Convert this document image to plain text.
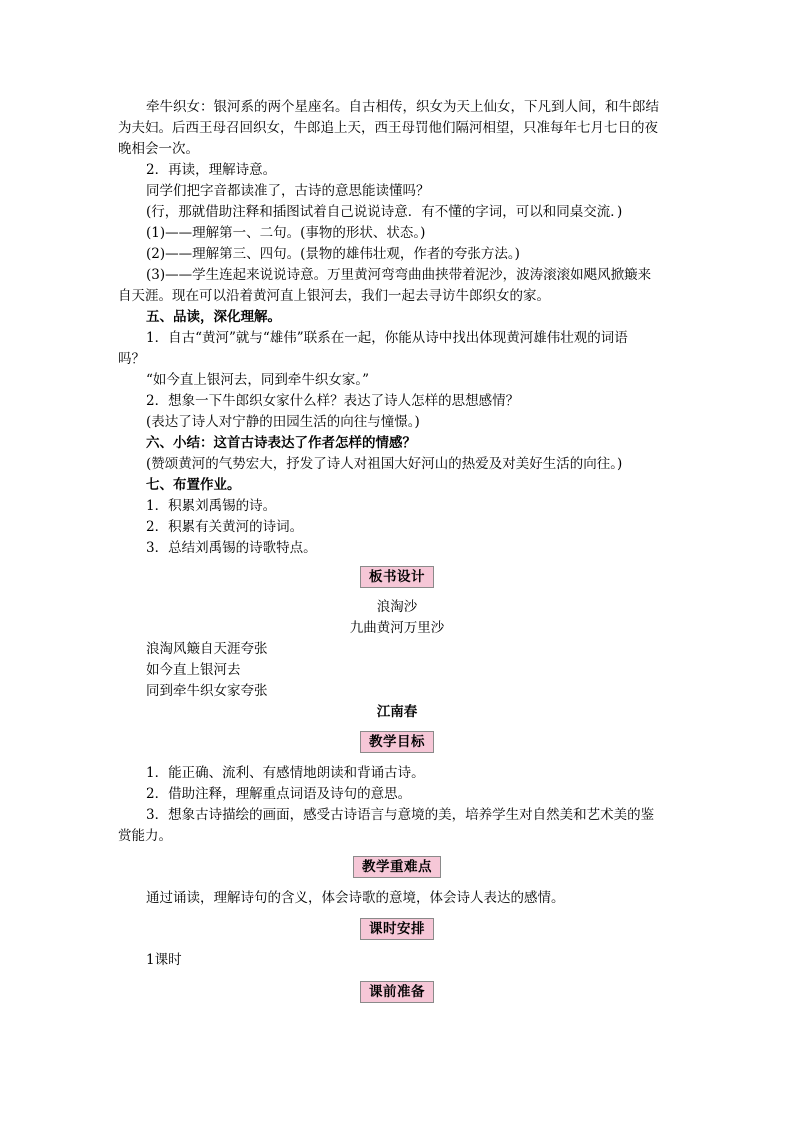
牵牛织女：银河系的两个星座名。自古相传，织女为天上仙女，下凡到人间，和牛郎结
为夫妇。后西王母召回织女，牛郎追上天，西王母罚他们隔河相望，只准每年七月七日的夜
晚相会一次。
2．再读，理解诗意。
同学们把字音都读准了，古诗的意思能读懂吗？
(行，那就借助注释和插图试着自己说说诗意．有不懂的字词，可以和同桌交流．)
(1)——理解第一、二句。(事物的形状、状态。)
(2)——理解第三、四句。(景物的雄伟壮观，作者的夸张方法。)
(3)——学生连起来说说诗意。万里黄河弯弯曲曲挟带着泥沙，波涛滚滚如飓风掀簸来
自天涯。现在可以沿着黄河直上银河去，我们一起去寻访牛郎织女的家。
五、品读，深化理解。
1．自古“黄河”就与“雄伟”联系在一起，你能从诗中找出体现黄河雄伟壮观的词语
吗？
“如今直上银河去，同到牵牛织女家。”
2．想象一下牛郎织女家什么样？表达了诗人怎样的思想感情？
(表达了诗人对宁静的田园生活的向往与憧憬。)
六、小结：这首古诗表达了作者怎样的情感？
(赞颂黄河的气势宏大，抒发了诗人对祖国大好河山的热爱及对美好生活的向往。)
七、布置作业。
1．积累刘禹锡的诗。
2．积累有关黄河的诗词。
3．总结刘禹锡的诗歌特点。
板书设计
浪淘沙
九曲黄河万里沙
浪淘风簸自天涯夸张
如今直上银河去
同到牵牛织女家夸张
江南春
教学目标
1．能正确、流利、有感情地朗读和背诵古诗。
2．借助注释，理解重点词语及诗句的意思。
3．想象古诗描绘的画面，感受古诗语言与意境的美，培养学生对自然美和艺术美的鉴
赏能力。
教学重难点
通过诵读，理解诗句的含义，体会诗歌的意境，体会诗人表达的感情。
课时安排
1课时
课前准备
